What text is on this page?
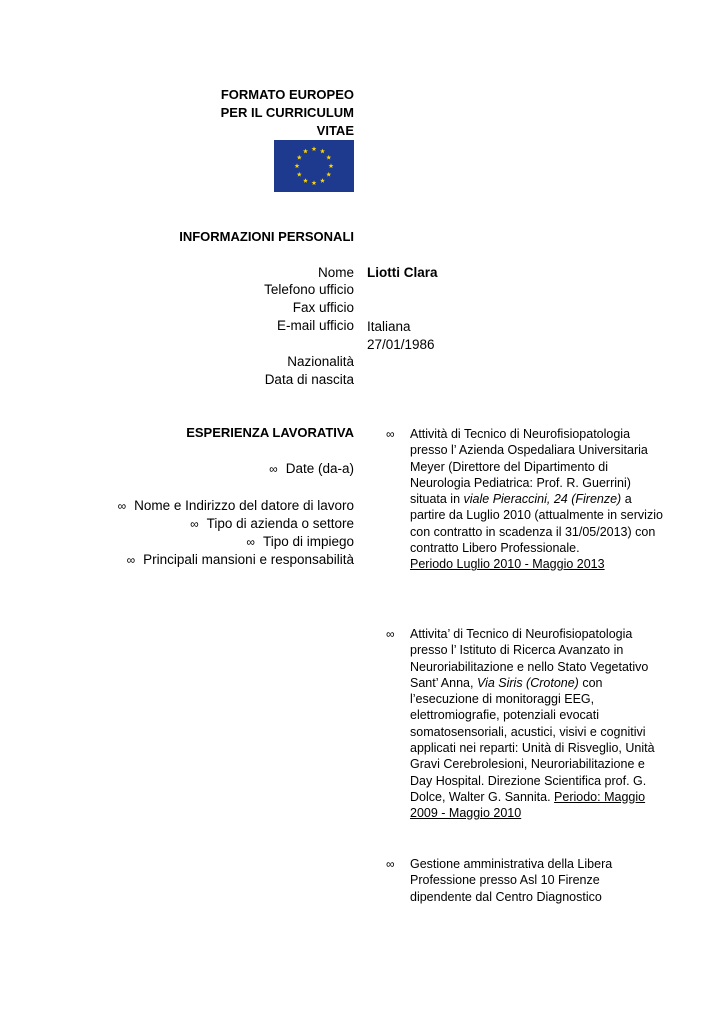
FORMATO EUROPEO
PER IL CURRICULUM
VITAE
INFORMAZIONI PERSONALI
Nome
Telefono ufficio
Fax ufficio
E-mail ufficio
Nazionalità
Data di nascita
Liotti Clara
Italiana
27/01/1986
ESPERIENZA LAVORATIVA
∞ Date (da-a)
∞ Nome e Indirizzo del datore di lavoro
∞ Tipo di azienda o settore
∞ Tipo di impiego
∞ Principali mansioni e responsabilità
∞ Attività di Tecnico di Neurofisiopatologia presso l’ Azienda Ospedaliara Universitaria Meyer (Direttore del Dipartimento di Neurologia Pediatrica: Prof. R. Guerrini) situata in viale Pieraccini, 24 (Firenze) a partire da Luglio 2010 (attualmente in servizio con contratto in scadenza il 31/05/2013) con contratto Libero Professionale.
Periodo Luglio 2010 - Maggio 2013
∞ Attivita’ di Tecnico di Neurofisiopatologia presso l’ Istituto di Ricerca Avanzato in Neuroriabilitazione e nello Stato Vegetativo Sant’ Anna, Via Siris (Crotone) con l’esecuzione di monitoraggi EEG, elettromiografie, potenziali evocati somatosensoriali, acustici, visivi e cognitivi applicati nei reparti: Unità di Risveglio, Unità Gravi Cerebrolesioni, Neuroriabilitazione e Day Hospital. Direzione Scientifica prof. G. Dolce, Walter G. Sannita. Periodo: Maggio 2009 - Maggio 2010
∞ Gestione amministrativa della Libera Professione presso Asl 10 Firenze dipendente dal Centro Diagnostico
